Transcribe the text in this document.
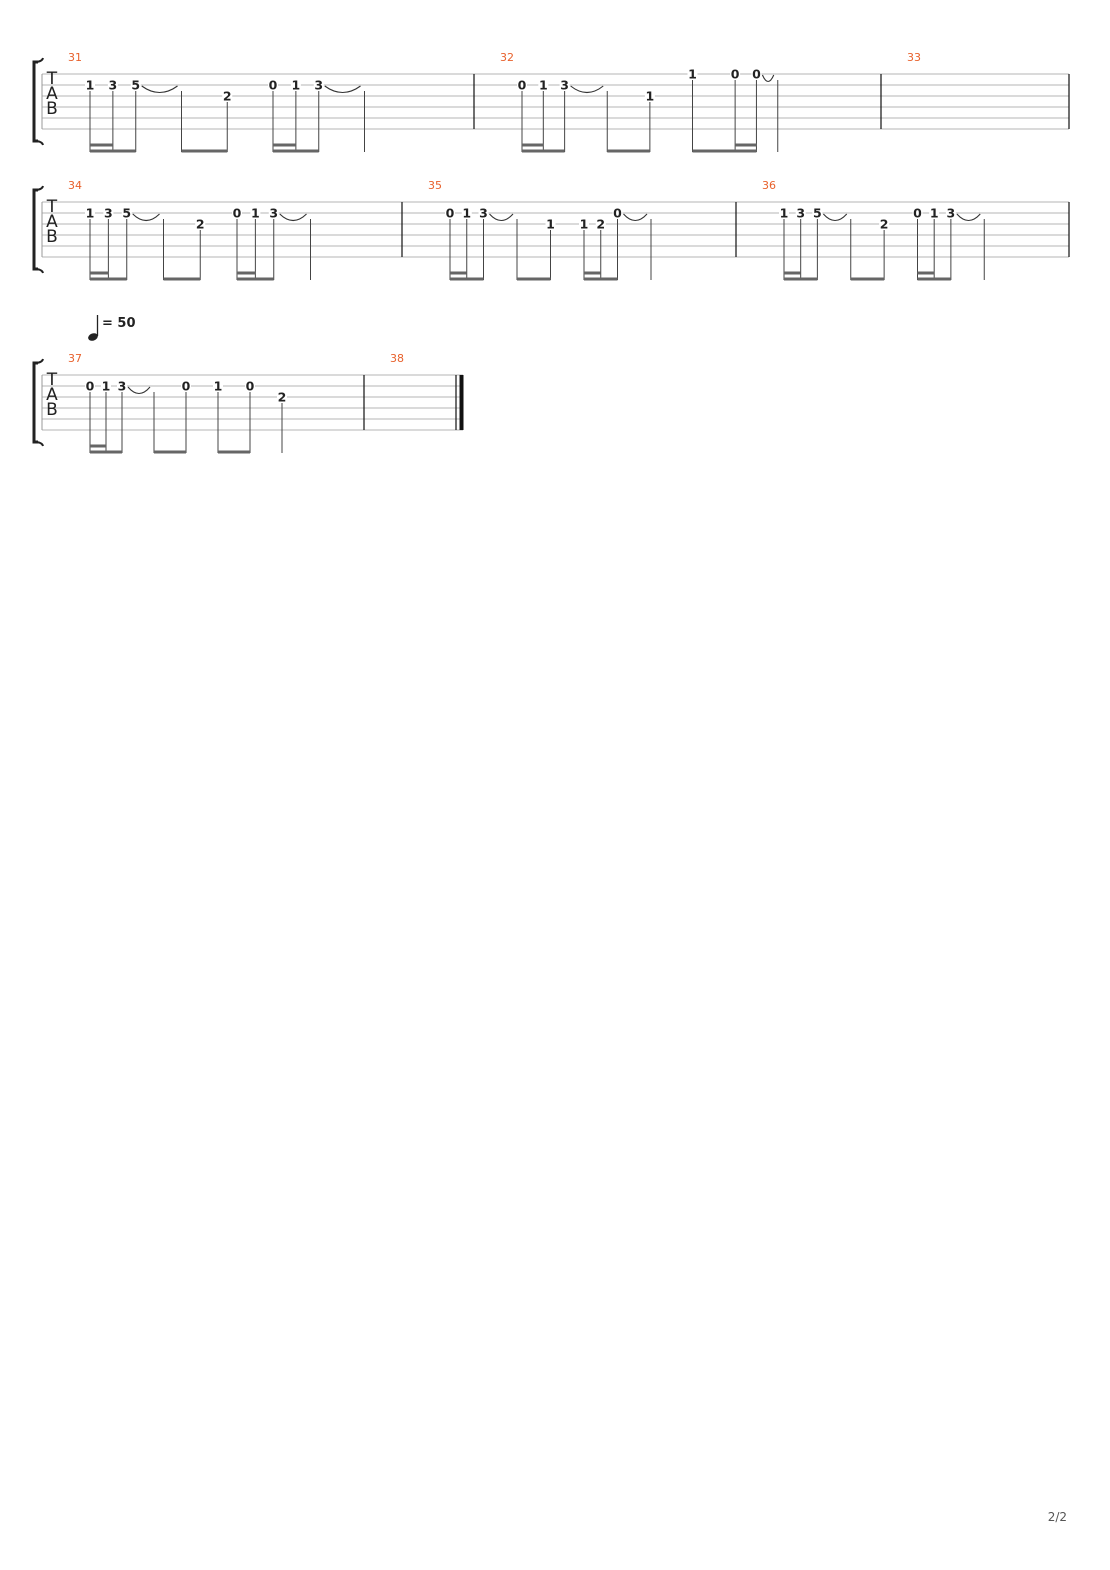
T
A
B
31
1 3 5
2
0 1 3
32
0 1 3
1
1	0 0
33
T
A
B
34
1 3 5
2
0 1 3
35
0 1 3
1 1 2
0
36
1 3 5
2
0 1 3
T
A
B
= 50
37
0 1 3	0 1 0
2
38
2/2
